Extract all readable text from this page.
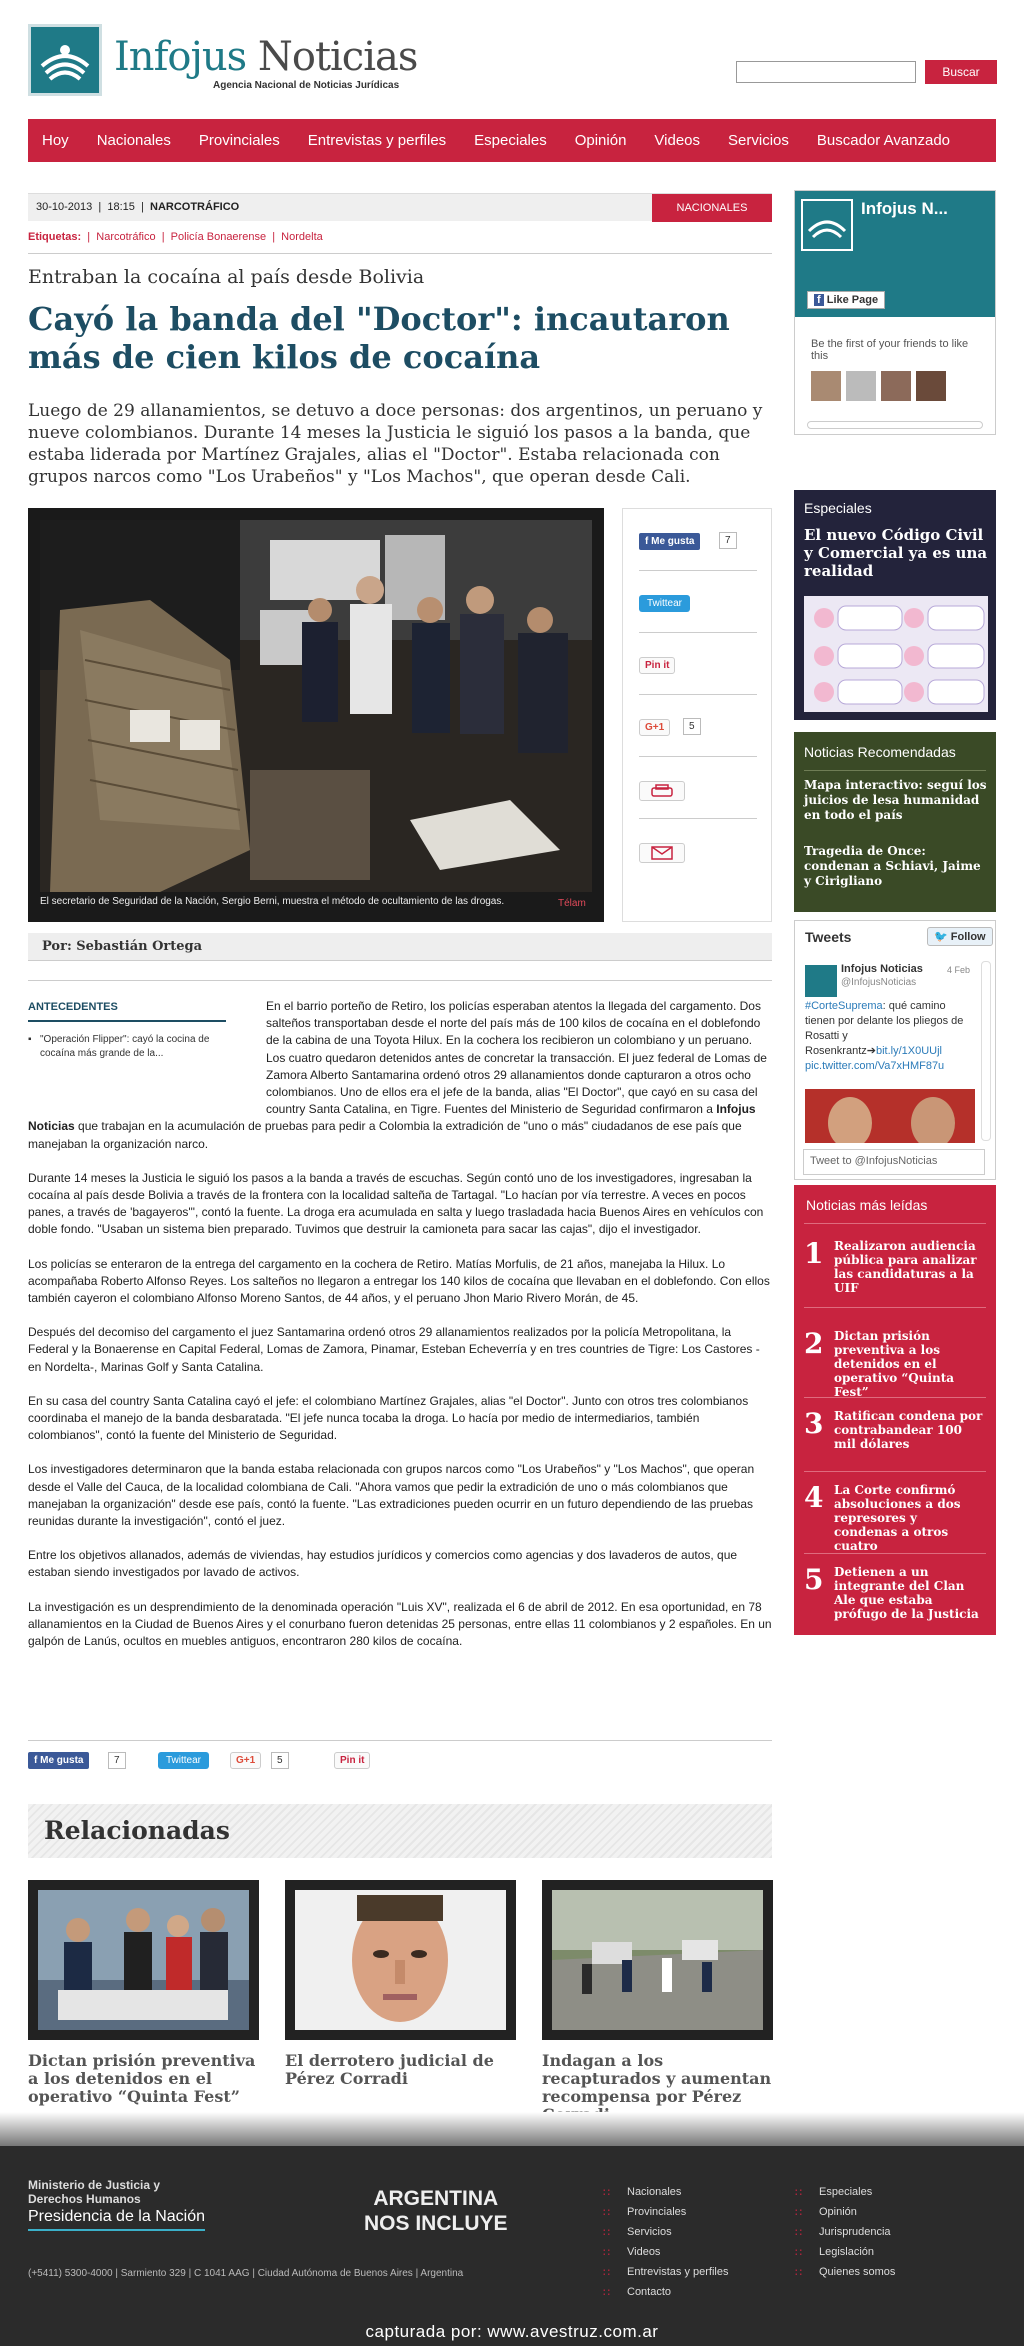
Infojus Noticias
Agencia Nacional de Noticias Jurídicas
Buscar
Hoy	Nacionales	Provinciales	Entrevistas y perfiles	Especiales	Opinión	Videos	Servicios	Buscador Avanzado
30-10-2013  |  18:15  |  NARCOTRÁFICO	NACIONALES
Etiquetas:  |  Narcotráfico  |  Policía Bonaerense  |  Nordelta
Entraban la cocaína al país desde Bolivia
Cayó la banda del "Doctor": incautaron más de cien kilos de cocaína
Luego de 29 allanamientos, se detuvo a doce personas: dos argentinos, un peruano y nueve colombianos. Durante 14 meses la Justicia le siguió los pasos a la banda, que estaba liderada por Martínez Grajales, alias el "Doctor". Estaba relacionada con grupos narcos como "Los Urabeños" y "Los Machos", que operan desde Cali.
El secretario de Seguridad de la Nación, Sergio Berni, muestra el método de ocultamiento de las drogas.	Télam
f Me gusta	7
Twittear
Pin it
G+1	5
Por: Sebastián Ortega
ANTECEDENTES
▪ "Operación Flipper": cayó la cocina de cocaína más grande de la...

En el barrio porteño de Retiro, los policías esperaban atentos la llegada del cargamento. Dos salteños transportaban desde el norte del país más de 100 kilos de cocaína en el doblefondo de la cabina de una Toyota Hilux. En la cochera los recibieron un colombiano y un peruano. Los cuatro quedaron detenidos antes de concretar la transacción. El juez federal de Lomas de Zamora Alberto Santamarina ordenó otros 29 allanamientos donde capturaron a otros ocho colombianos. Uno de ellos era el jefe de la banda, alias "El Doctor", que cayó en su casa del country Santa Catalina, en Tigre. Fuentes del Ministerio de Seguridad confirmaron a Infojus Noticias que trabajan en la acumulación de pruebas para pedir a Colombia la extradición de "uno o más" ciudadanos de ese país que manejaban la organización narco.

Durante 14 meses la Justicia le siguió los pasos a la banda a través de escuchas. Según contó uno de los investigadores, ingresaban la cocaína al país desde Bolivia a través de la frontera con la localidad salteña de Tartagal. "Lo hacían por vía terrestre. A veces en pocos panes, a través de 'bagayeros'", contó la fuente. La droga era acumulada en salta y luego trasladada hacia Buenos Aires en vehículos con doble fondo. "Usaban un sistema bien preparado. Tuvimos que destruir la camioneta para sacar las cajas", dijo el investigador.

Los policías se enteraron de la entrega del cargamento en la cochera de Retiro. Matías Morfulis, de 21 años, manejaba la Hilux. Lo acompañaba Roberto Alfonso Reyes. Los salteños no llegaron a entregar los 140 kilos de cocaína que llevaban en el doblefondo. Con ellos también cayeron el colombiano Alfonso Moreno Santos, de 44 años, y el peruano Jhon Mario Rivero Morán, de 45.

Después del decomiso del cargamento el juez Santamarina ordenó otros 29 allanamientos realizados por la policía Metropolitana, la Federal y la Bonaerense en Capital Federal, Lomas de Zamora, Pinamar, Esteban Echeverría y en tres countries de Tigre: Los Castores -en Nordelta-, Marinas Golf y Santa Catalina.

En su casa del country Santa Catalina cayó el jefe: el colombiano Martínez Grajales, alias "el Doctor". Junto con otros tres colombianos coordinaba el manejo de la banda desbaratada. "El jefe nunca tocaba la droga. Lo hacía por medio de intermediarios, también colombianos", contó la fuente del Ministerio de Seguridad.

Los investigadores determinaron que la banda estaba relacionada con grupos narcos como "Los Urabeños" y "Los Machos", que operan desde el Valle del Cauca, de la localidad colombiana de Cali. "Ahora vamos que pedir la extradición de uno o más colombianos que manejaban la organización" desde ese país, contó la fuente. "Las extradiciones pueden ocurrir en un futuro dependiendo de las pruebas reunidas durante la investigación", contó el juez.

Entre los objetivos allanados, además de viviendas, hay estudios jurídicos y comercios como agencias y dos lavaderos de autos, que estaban siendo investigados por lavado de activos.

La investigación es un desprendimiento de la denominada operación "Luis XV", realizada el 6 de abril de 2012. En esa oportunidad, en 78 allanamientos en la Ciudad de Buenos Aires y el conurbano fueron detenidas 25 personas, entre ellas 11 colombianos y 2 españoles. En un galpón de Lanús, ocultos en muebles antiguos, encontraron 280 kilos de cocaína.

f Me gusta	7	Twittear	G+1	5	Pin it
Relacionadas
Dictan prisión preventiva a los detenidos en el operativo “Quinta Fest”
El derrotero judicial de Pérez Corradi
Indagan a los recapturados y aumentan recompensa por Pérez
Infojus N...
f Like Page
Be the first of your friends to like this
Especiales
El nuevo Código Civil y Comercial ya es una realidad
Noticias Recomendadas
Mapa interactivo: seguí los juicios de lesa humanidad en todo el país
Tragedia de Once: condenan a Schiavi, Jaime y Cirigliano
Tweets	🐦 Follow
Infojus Noticias
@InfojusNoticias
4 Feb
#CorteSuprema: qué camino tienen por delante los pliegos de Rosatti y Rosenkrantz➔bit.ly/1X0UUjl
pic.twitter.com/Va7xHMF87u
Tweet to @InfojusNoticias
Noticias más leídas
1 Realizaron audiencia pública para analizar las candidaturas a la UIF
2 Dictan prisión preventiva a los detenidos en el operativo “Quinta Fest”
3 Ratifican condena por contrabandear 100 mil dólares
4 La Corte confirmó absoluciones a dos represores y condenas a otros cuatro
5 Detienen a un integrante del Clan Ale que estaba prófugo de la Justicia
Ministerio de Justicia y Derechos Humanos
Presidencia de la Nación
ARGENTINA
NOS INCLUYE
(+5411) 5300-4000 | Sarmiento 329 | C 1041 AAG | Ciudad Autónoma de Buenos Aires | Argentina
∷ Nacionales
∷ Provinciales
∷ Servicios
∷ Videos
∷ Entrevistas y perfiles
∷ Contacto
∷ Especiales
∷ Opinión
∷ Jurisprudencia
∷ Legislación
∷ Quienes somos
capturada por: www.avestruz.com.ar
